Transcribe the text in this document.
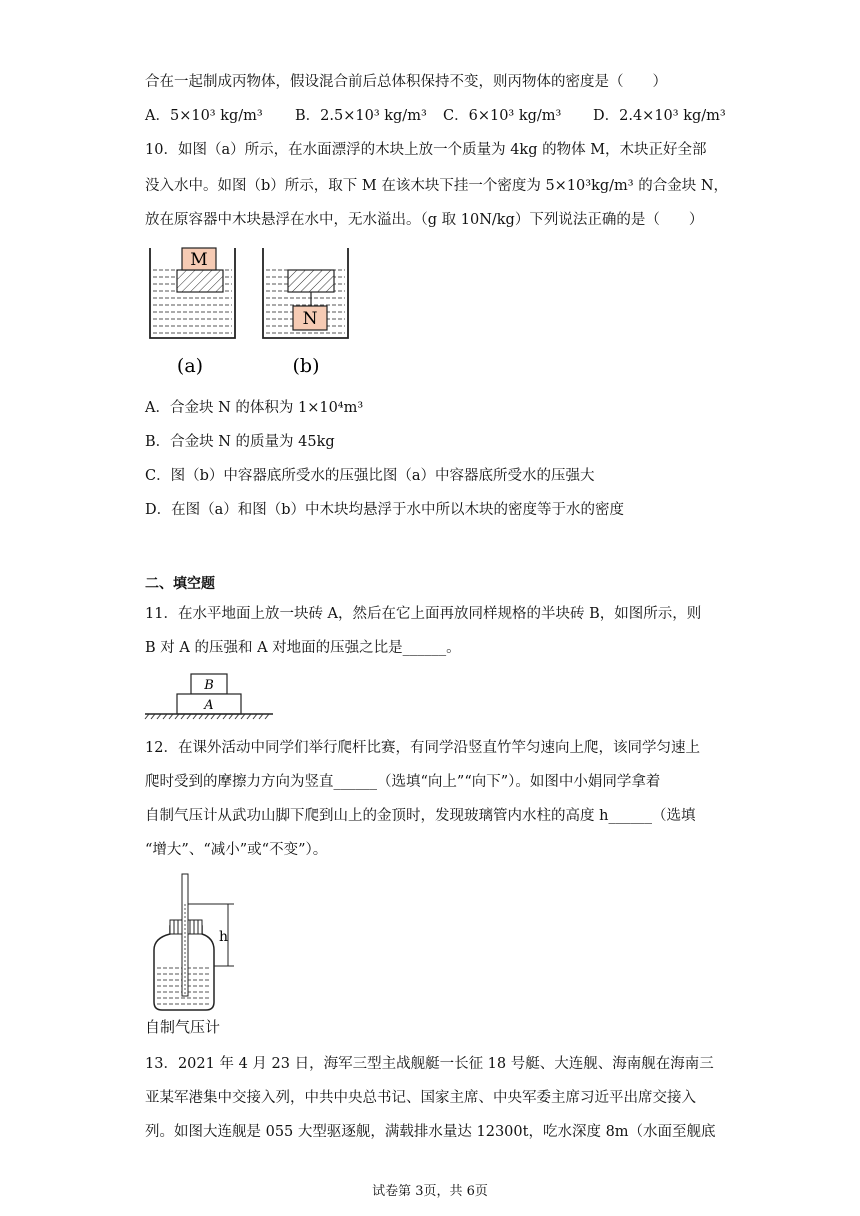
合在一起制成丙物体，假设混合前后总体积保持不变，则丙物体的密度是（　　）
A．5×10³ kg/m³ B．2.5×10³ kg/m³ C．6×10³ kg/m³ D．2.4×10³ kg/m³
10．如图（a）所示，在水面漂浮的木块上放一个质量为 4kg 的物体 M，木块正好全部
没入水中。如图（b）所示，取下 M 在该木块下挂一个密度为 5×10³kg/m³ 的合金块 N，
放在原容器中木块悬浮在水中，无水溢出。（g 取 10N/kg）下列说法正确的是（　　）
M
N
(a)	(b)
A．合金块 N 的体积为 1×10⁴m³
B．合金块 N 的质量为 45kg
C．图（b）中容器底所受水的压强比图（a）中容器底所受水的压强大
D．在图（a）和图（b）中木块均悬浮于水中所以木块的密度等于水的密度
二、填空题
11．在水平地面上放一块砖 A，然后在它上面再放同样规格的半块砖 B，如图所示，则
B 对 A 的压强和 A 对地面的压强之比是______。
B
A
12．在课外活动中同学们举行爬杆比赛，有同学沿竖直竹竿匀速向上爬，该同学匀速上
爬时受到的摩擦力方向为竖直______（选填“向上”“向下”）。如图中小娟同学拿着
自制气压计从武功山脚下爬到山上的金顶时，发现玻璃管内水柱的高度 h______（选填
“增大”、“减小”或“不变”）。
h
自制气压计
13．2021 年 4 月 23 日，海军三型主战舰艇一长征 18 号艇、大连舰、海南舰在海南三
亚某军港集中交接入列，中共中央总书记、国家主席、中央军委主席习近平出席交接入
列。如图大连舰是 055 大型驱逐舰，满载排水量达 12300t，吃水深度 8m（水面至舰底
试卷第 3页，共 6页
